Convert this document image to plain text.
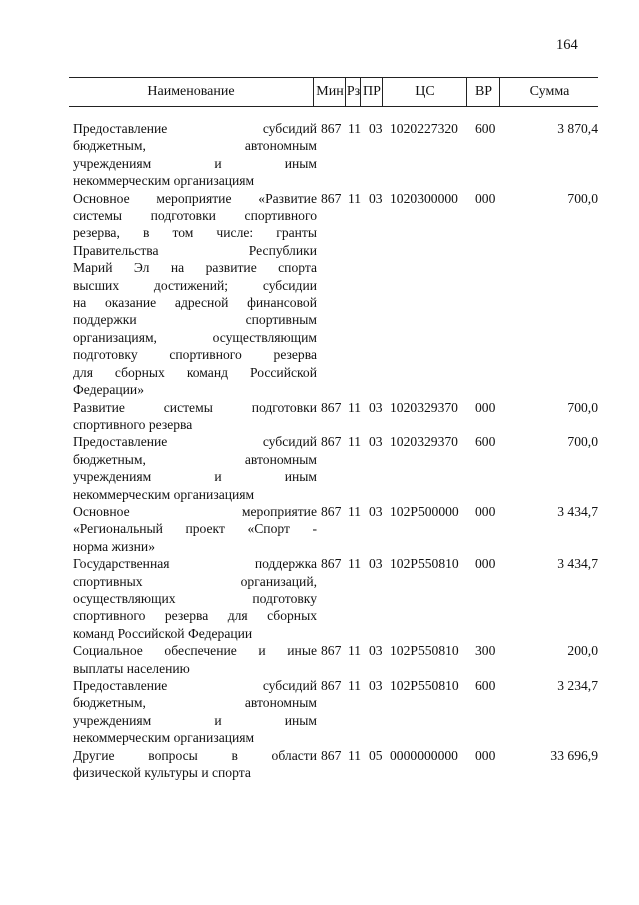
164
Наименование	Мин Рз ПР	ЦС	ВР	Сумма
Предоставление субсидий
бюджетным, автономным
учреждениям и иным
некоммерческим организациям
867 11 03 1020227320 600	3 870,4
Основное мероприятие «Развитие
системы подготовки спортивного
резерва, в том числе: гранты
Правительства Республики
Марий Эл на развитие спорта
высших достижений; субсидии
на оказание адресной финансовой
поддержки спортивным
организациям, осуществляющим
подготовку спортивного резерва
для сборных команд Российской
Федерации»
867 11 03 1020300000 000	700,0
Развитие системы подготовки
спортивного резерва
867 11 03 1020329370 000	700,0
Предоставление субсидий
бюджетным, автономным
учреждениям и иным
некоммерческим организациям
867 11 03 1020329370 600	700,0
Основное мероприятие
«Региональный проект «Спорт -
норма жизни»
867 11 03 102P500000 000	3 434,7
Государственная поддержка
спортивных организаций,
осуществляющих подготовку
спортивного резерва для сборных
команд Российской Федерации
867 11 03 102P550810 000	3 434,7
Социальное обеспечение и иные
выплаты населению
867 11 03 102P550810 300	200,0
Предоставление субсидий
бюджетным, автономным
учреждениям и иным
некоммерческим организациям
867 11 03 102P550810 600	3 234,7
Другие вопросы в области
физической культуры и спорта
867 11 05 0000000000 000	33 696,9
